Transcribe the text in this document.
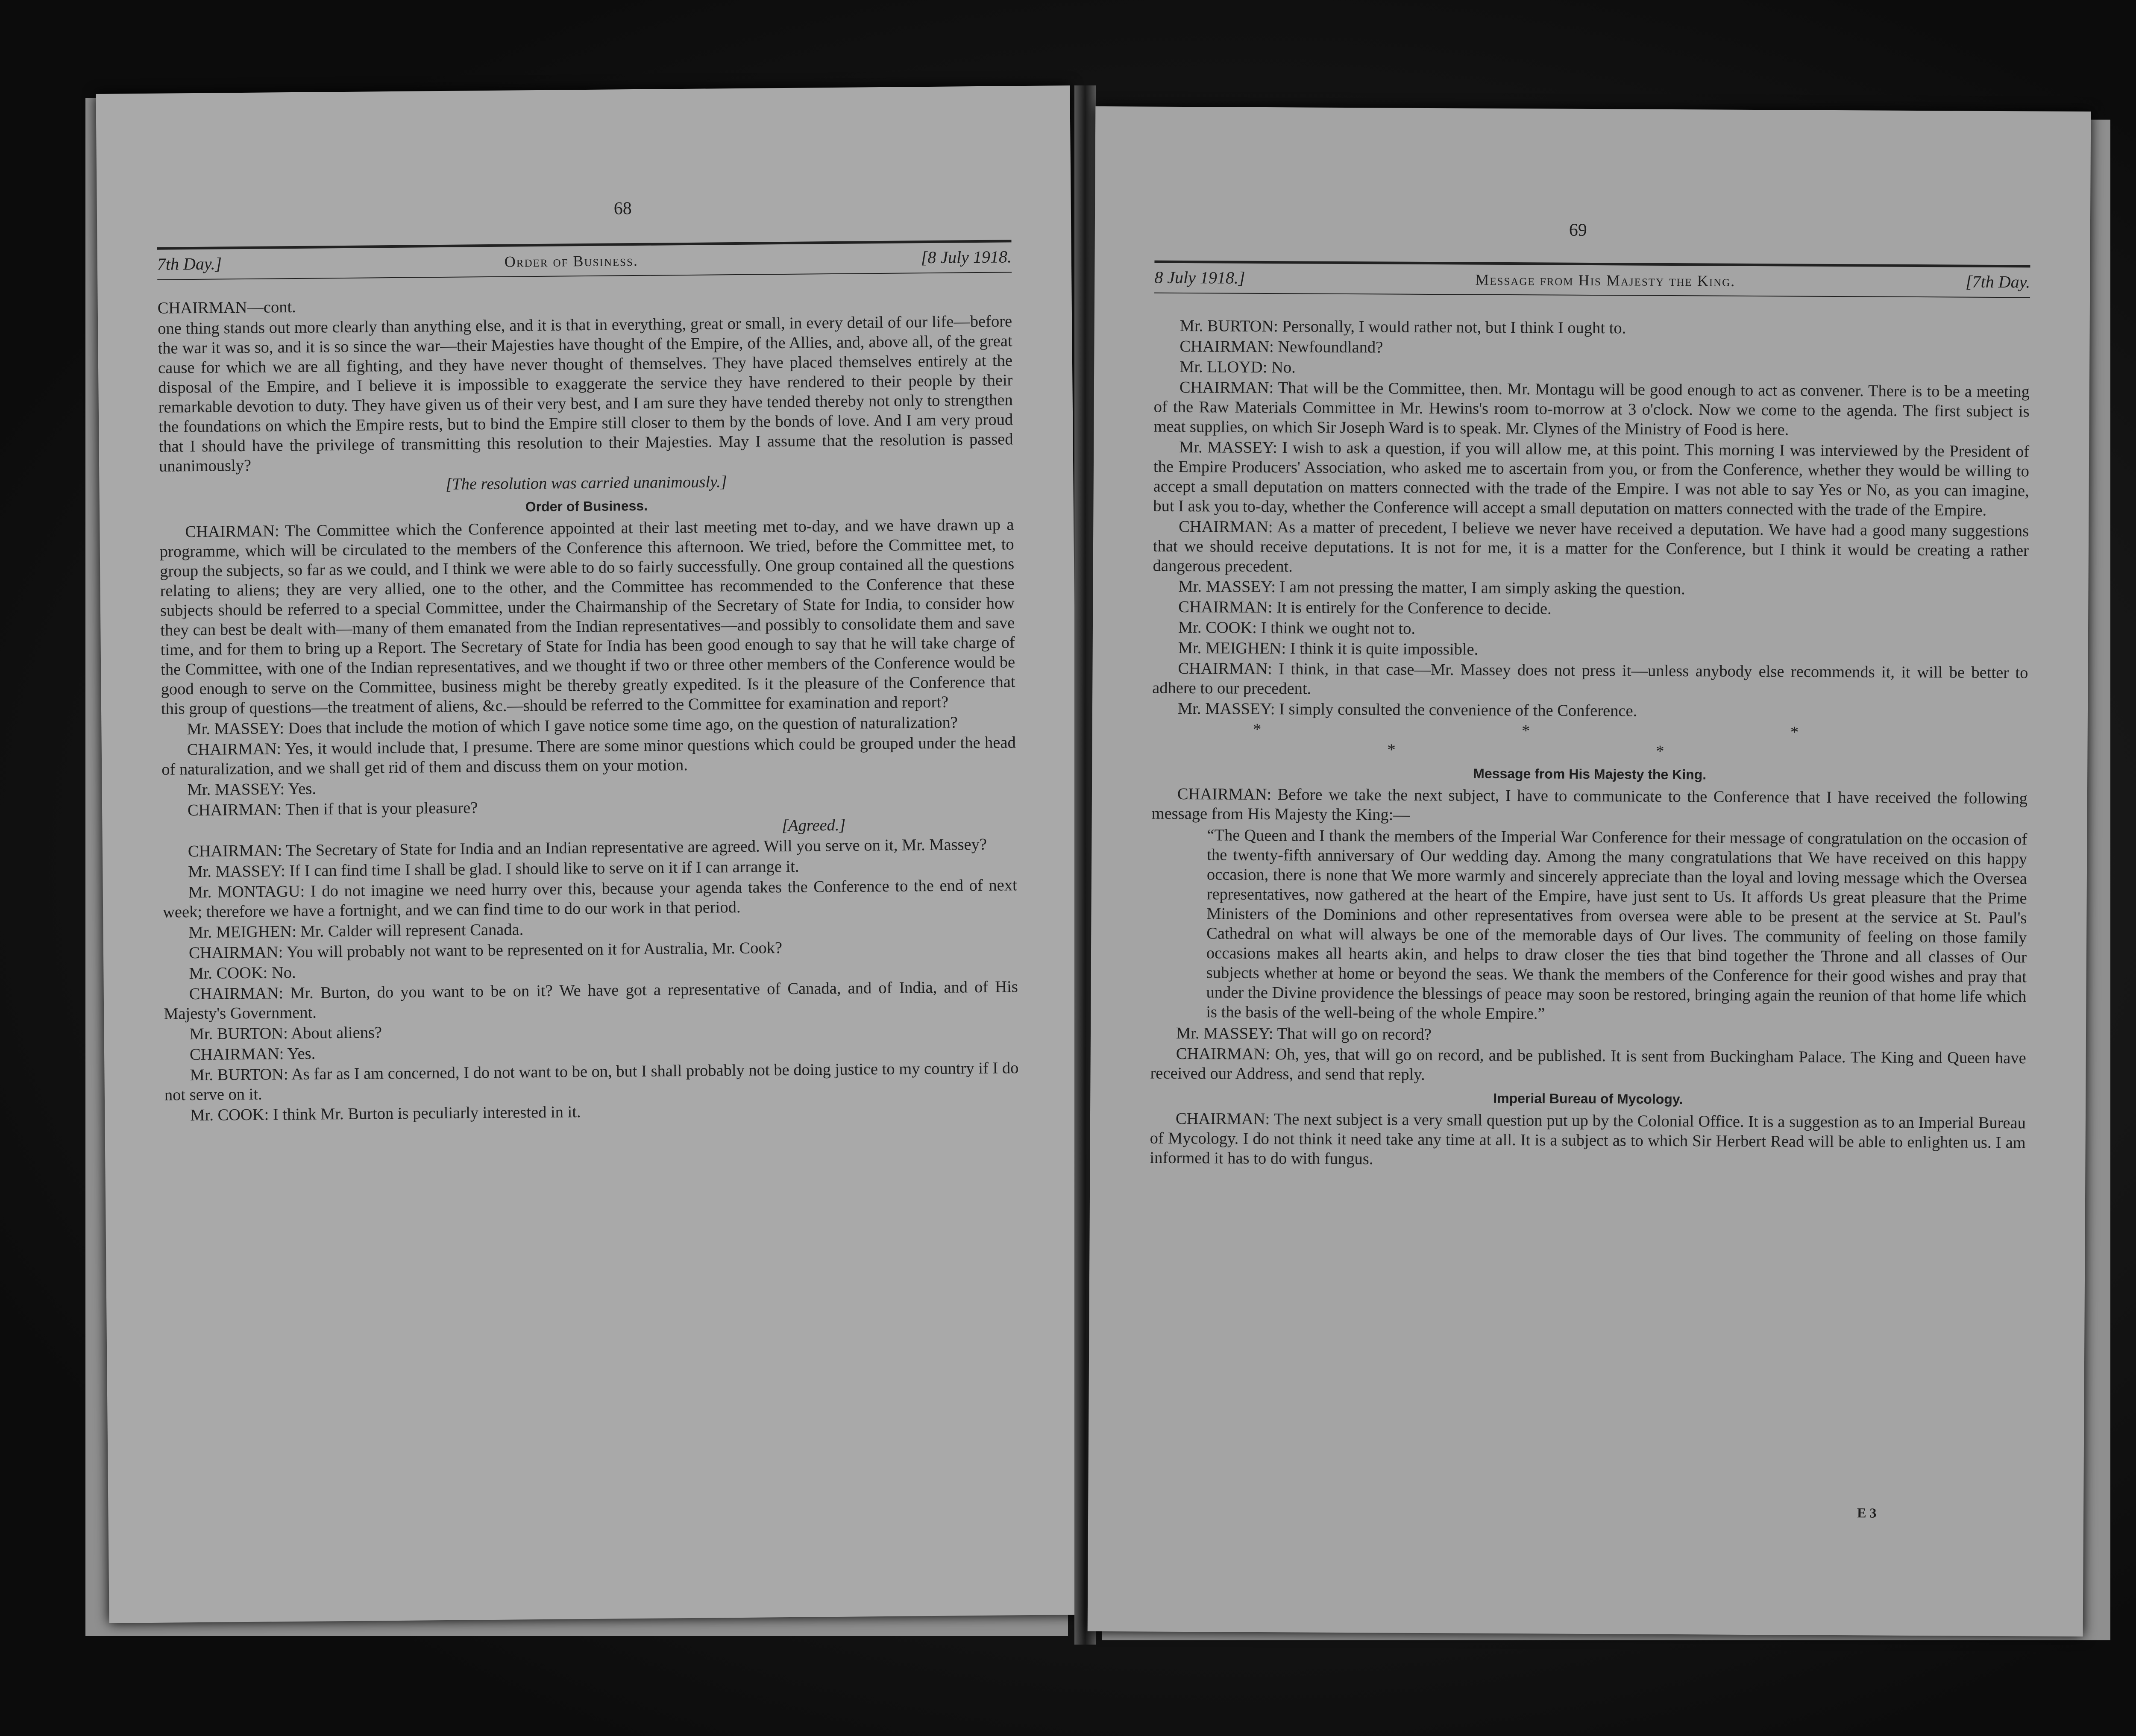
68
7th Day.]	Order of Business.	[8 July 1918.

CHAIRMAN—cont.

one thing stands out more clearly than anything else, and it is that in everything, great or small, in every detail of our life—before the war it was so, and it is so since the war—their Majesties have thought of the Empire, of the Allies, and, above all, of the great cause for which we are all fighting, and they have never thought of themselves. They have placed themselves entirely at the disposal of the Empire, and I believe it is impossible to exaggerate the service they have rendered to their people by their remarkable devotion to duty. They have given us of their very best, and I am sure they have tended thereby not only to strengthen the foundations on which the Empire rests, but to bind the Empire still closer to them by the bonds of love. And I am very proud that I should have the privilege of transmitting this resolution to their Majesties. May I assume that the resolution is passed unanimously?

[The resolution was carried unanimously.]

Order of Business.

CHAIRMAN: The Committee which the Conference appointed at their last meeting met to-day, and we have drawn up a programme, which will be circulated to the members of the Conference this afternoon. We tried, before the Committee met, to group the subjects, so far as we could, and I think we were able to do so fairly successfully. One group contained all the questions relating to aliens; they are very allied, one to the other, and the Committee has recommended to the Conference that these subjects should be referred to a special Committee, under the Chairmanship of the Secretary of State for India, to consider how they can best be dealt with—many of them emanated from the Indian representatives—and possibly to consolidate them and save time, and for them to bring up a Report. The Secretary of State for India has been good enough to say that he will take charge of the Committee, with one of the Indian representatives, and we thought if two or three other members of the Conference would be good enough to serve on the Committee, business might be thereby greatly expedited. Is it the pleasure of the Conference that this group of questions—the treatment of aliens, &c.—should be referred to the Committee for examination and report?

Mr. MASSEY: Does that include the motion of which I gave notice some time ago, on the question of naturalization?

CHAIRMAN: Yes, it would include that, I presume. There are some minor questions which could be grouped under the head of naturalization, and we shall get rid of them and discuss them on your motion.

Mr. MASSEY: Yes.

CHAIRMAN: Then if that is your pleasure?

[Agreed.]

CHAIRMAN: The Secretary of State for India and an Indian representative are agreed. Will you serve on it, Mr. Massey?

Mr. MASSEY: If I can find time I shall be glad. I should like to serve on it if I can arrange it.

Mr. MONTAGU: I do not imagine we need hurry over this, because your agenda takes the Conference to the end of next week; therefore we have a fortnight, and we can find time to do our work in that period.

Mr. MEIGHEN: Mr. Calder will represent Canada.

CHAIRMAN: You will probably not want to be represented on it for Australia, Mr. Cook?

Mr. COOK: No.

CHAIRMAN: Mr. Burton, do you want to be on it? We have got a representative of Canada, and of India, and of His Majesty's Government.

Mr. BURTON: About aliens?

CHAIRMAN: Yes.

Mr. BURTON: As far as I am concerned, I do not want to be on, but I shall probably not be doing justice to my country if I do not serve on it.

Mr. COOK: I think Mr. Burton is peculiarly interested in it.

69
8 July 1918.]	Message from His Majesty the King.	[7th Day.

Mr. BURTON: Personally, I would rather not, but I think I ought to.

CHAIRMAN: Newfoundland?

Mr. LLOYD: No.

CHAIRMAN: That will be the Committee, then. Mr. Montagu will be good enough to act as convener. There is to be a meeting of the Raw Materials Committee in Mr. Hewins's room to-morrow at 3 o'clock. Now we come to the agenda. The first subject is meat supplies, on which Sir Joseph Ward is to speak. Mr. Clynes of the Ministry of Food is here.

Mr. MASSEY: I wish to ask a question, if you will allow me, at this point. This morning I was interviewed by the President of the Empire Producers' Association, who asked me to ascertain from you, or from the Conference, whether they would be willing to accept a small deputation on matters connected with the trade of the Empire. I was not able to say Yes or No, as you can imagine, but I ask you to-day, whether the Conference will accept a small deputation on matters connected with the trade of the Empire.

CHAIRMAN: As a matter of precedent, I believe we never have received a deputation. We have had a good many suggestions that we should receive deputations. It is not for me, it is a matter for the Conference, but I think it would be creating a rather dangerous precedent.

Mr. MASSEY: I am not pressing the matter, I am simply asking the question.

CHAIRMAN: It is entirely for the Conference to decide.

Mr. COOK: I think we ought not to.

Mr. MEIGHEN: I think it is quite impossible.

CHAIRMAN: I think, in that case—Mr. Massey does not press it—unless anybody else recommends it, it will be better to adhere to our precedent.

Mr. MASSEY: I simply consulted the convenience of the Conference.

* * * * *

Message from His Majesty the King.

CHAIRMAN: Before we take the next subject, I have to communicate to the Conference that I have received the following message from His Majesty the King:—

“The Queen and I thank the members of the Imperial War Conference for their message of congratulation on the occasion of the twenty-fifth anniversary of Our wedding day. Among the many congratulations that We have received on this happy occasion, there is none that We more warmly and sincerely appreciate than the loyal and loving message which the Oversea representatives, now gathered at the heart of the Empire, have just sent to Us. It affords Us great pleasure that the Prime Ministers of the Dominions and other representatives from oversea were able to be present at the service at St. Paul's Cathedral on what will always be one of the memorable days of Our lives. The community of feeling on those family occasions makes all hearts akin, and helps to draw closer the ties that bind together the Throne and all classes of Our subjects whether at home or beyond the seas. We thank the members of the Conference for their good wishes and pray that under the Divine providence the blessings of peace may soon be restored, bringing again the reunion of that home life which is the basis of the well-being of the whole Empire.”

Mr. MASSEY: That will go on record?

CHAIRMAN: Oh, yes, that will go on record, and be published. It is sent from Buckingham Palace. The King and Queen have received our Address, and send that reply.

Imperial Bureau of Mycology.

CHAIRMAN: The next subject is a very small question put up by the Colonial Office. It is a suggestion as to an Imperial Bureau of Mycology. I do not think it need take any time at all. It is a subject as to which Sir Herbert Read will be able to enlighten us. I am informed it has to do with fungus.

E 3
